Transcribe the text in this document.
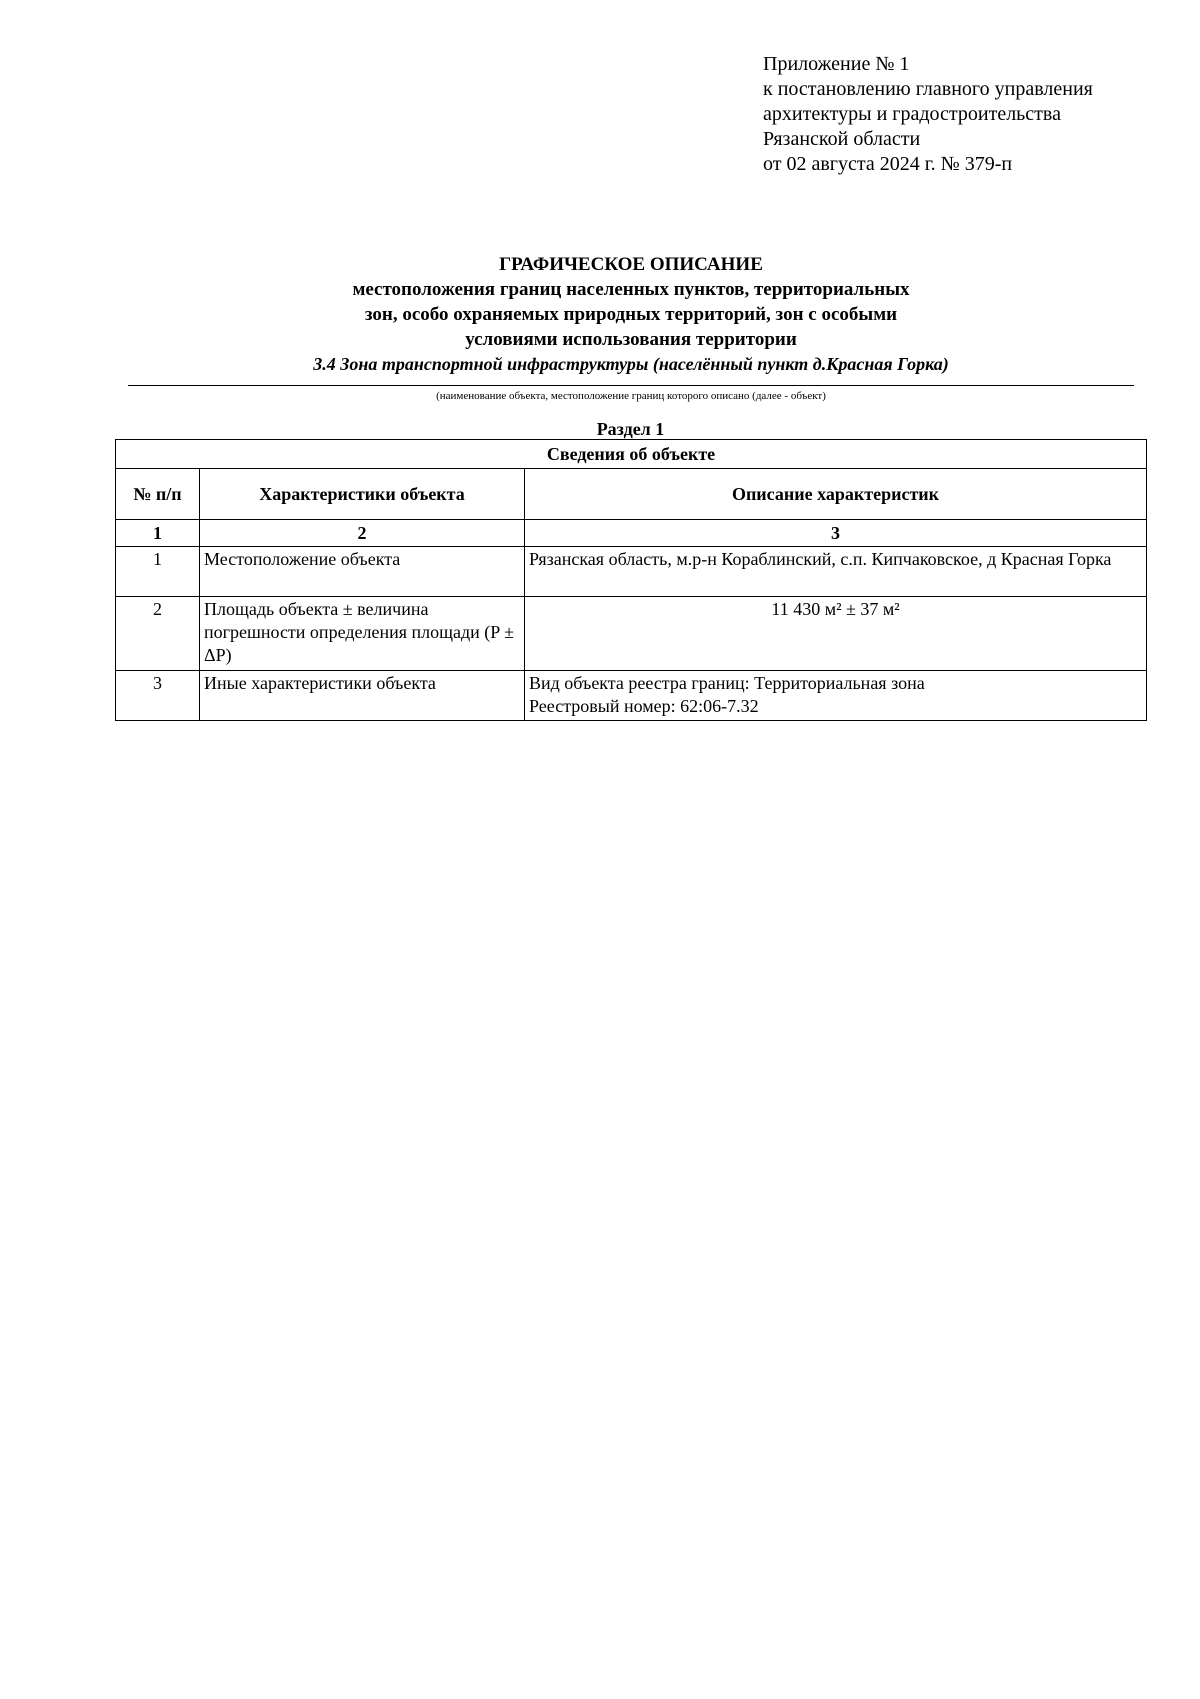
Приложение № 1
к постановлению главного управления
архитектуры и градостроительства
Рязанской области
от 02 августа 2024 г. № 379-п
ГРАФИЧЕСКОЕ ОПИСАНИЕ
местоположения границ населенных пунктов, территориальных
зон, особо охраняемых природных территорий, зон с особыми
условиями использования территории
3.4 Зона транспортной инфраструктуры (населённый пункт д.Красная Горка)
(наименование объекта, местоположение границ которого описано (далее - объект)
Раздел 1
Сведения об объекте		
№ п/п	Характеристики объекта	Описание характеристик
1	2	3
1	Местоположение объекта	Рязанская область, м.р-н Кораблинский, с.п. Кипчаковское, д Красная Горка
2	Площадь объекта ± величина погрешности определения площади (P ± ΔP)	11 430 м² ± 37 м²
3	Иные характеристики объекта	Вид объекта реестра границ: Территориальная зона
Реестровый номер: 62:06-7.32
